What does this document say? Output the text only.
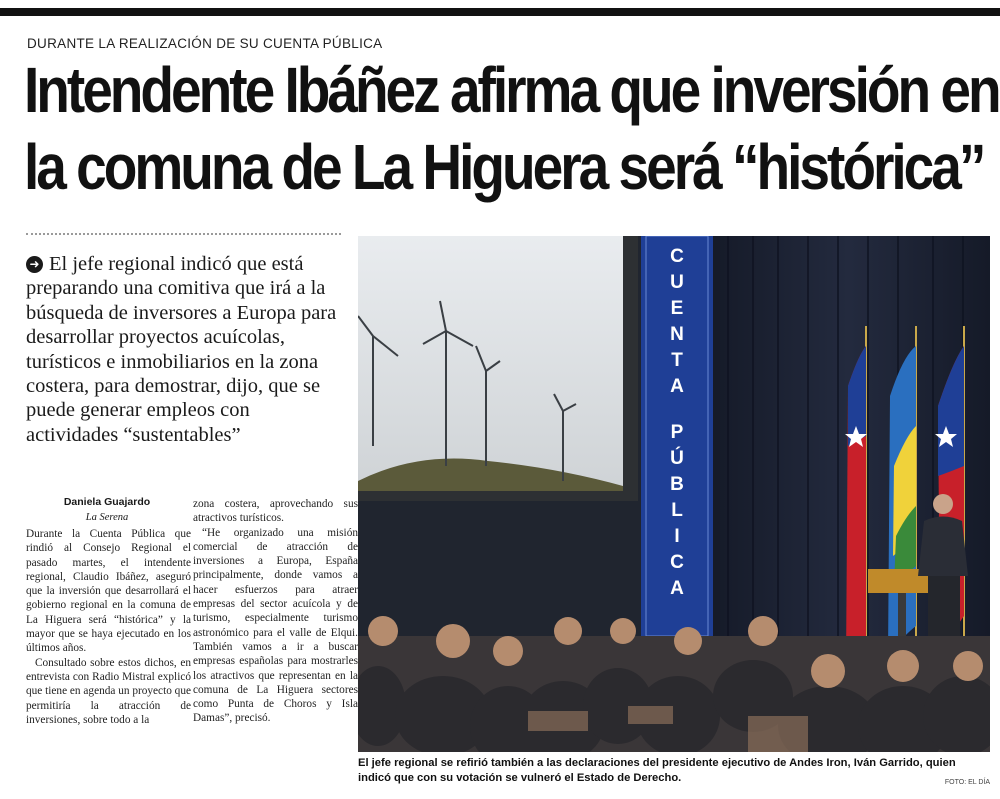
DURANTE LA REALIZACIÓN DE SU CUENTA PÚBLICA
Intendente Ibáñez afirma que inversión en
la comuna de La Higuera será “histórica”
➜ El jefe regional indicó que está preparando una comitiva que irá a la búsqueda de inversores a Europa para desarrollar proyectos acuícolas, turísticos e inmobiliarios en la zona costera, para demostrar, dijo, que se puede generar empleos con actividades “sustentables”
Daniela Guajardo
La Serena

Durante la Cuenta Pública que rindió al Consejo Regional el pasado martes, el intendente regional, Claudio Ibáñez, aseguró que la inversión que desarrollará el gobierno regional en la comuna de La Higuera será “histórica” y la mayor que se haya ejecutado en los últimos años.

Consultado sobre estos dichos, en entrevista con Radio Mistral explicó que tiene en agenda un proyecto que permitiría la atracción de inversiones, sobre todo a la

zona costera, aprovechando sus atractivos turísticos.

“He organizado una misión comercial de atracción de inversiones a Europa, España principalmente, donde vamos a hacer esfuerzos para atraer empresas del sector acuícola y de turismo, especialmente turismo astronómico para el valle de Elqui. También vamos a ir a buscar empresas españolas para mostrarles los atractivos que representan en la comuna de La Higuera sectores como Punta de Choros y Isla Damas”, precisó.

C
U
E
N
T
A
P
Ú
B
L
I
C
A
El jefe regional se refirió también a las declaraciones del presidente ejecutivo de Andes Iron, Iván Garrido, quien indicó que con su votación se vulneró el Estado de Derecho.	FOTO: EL DÍA
